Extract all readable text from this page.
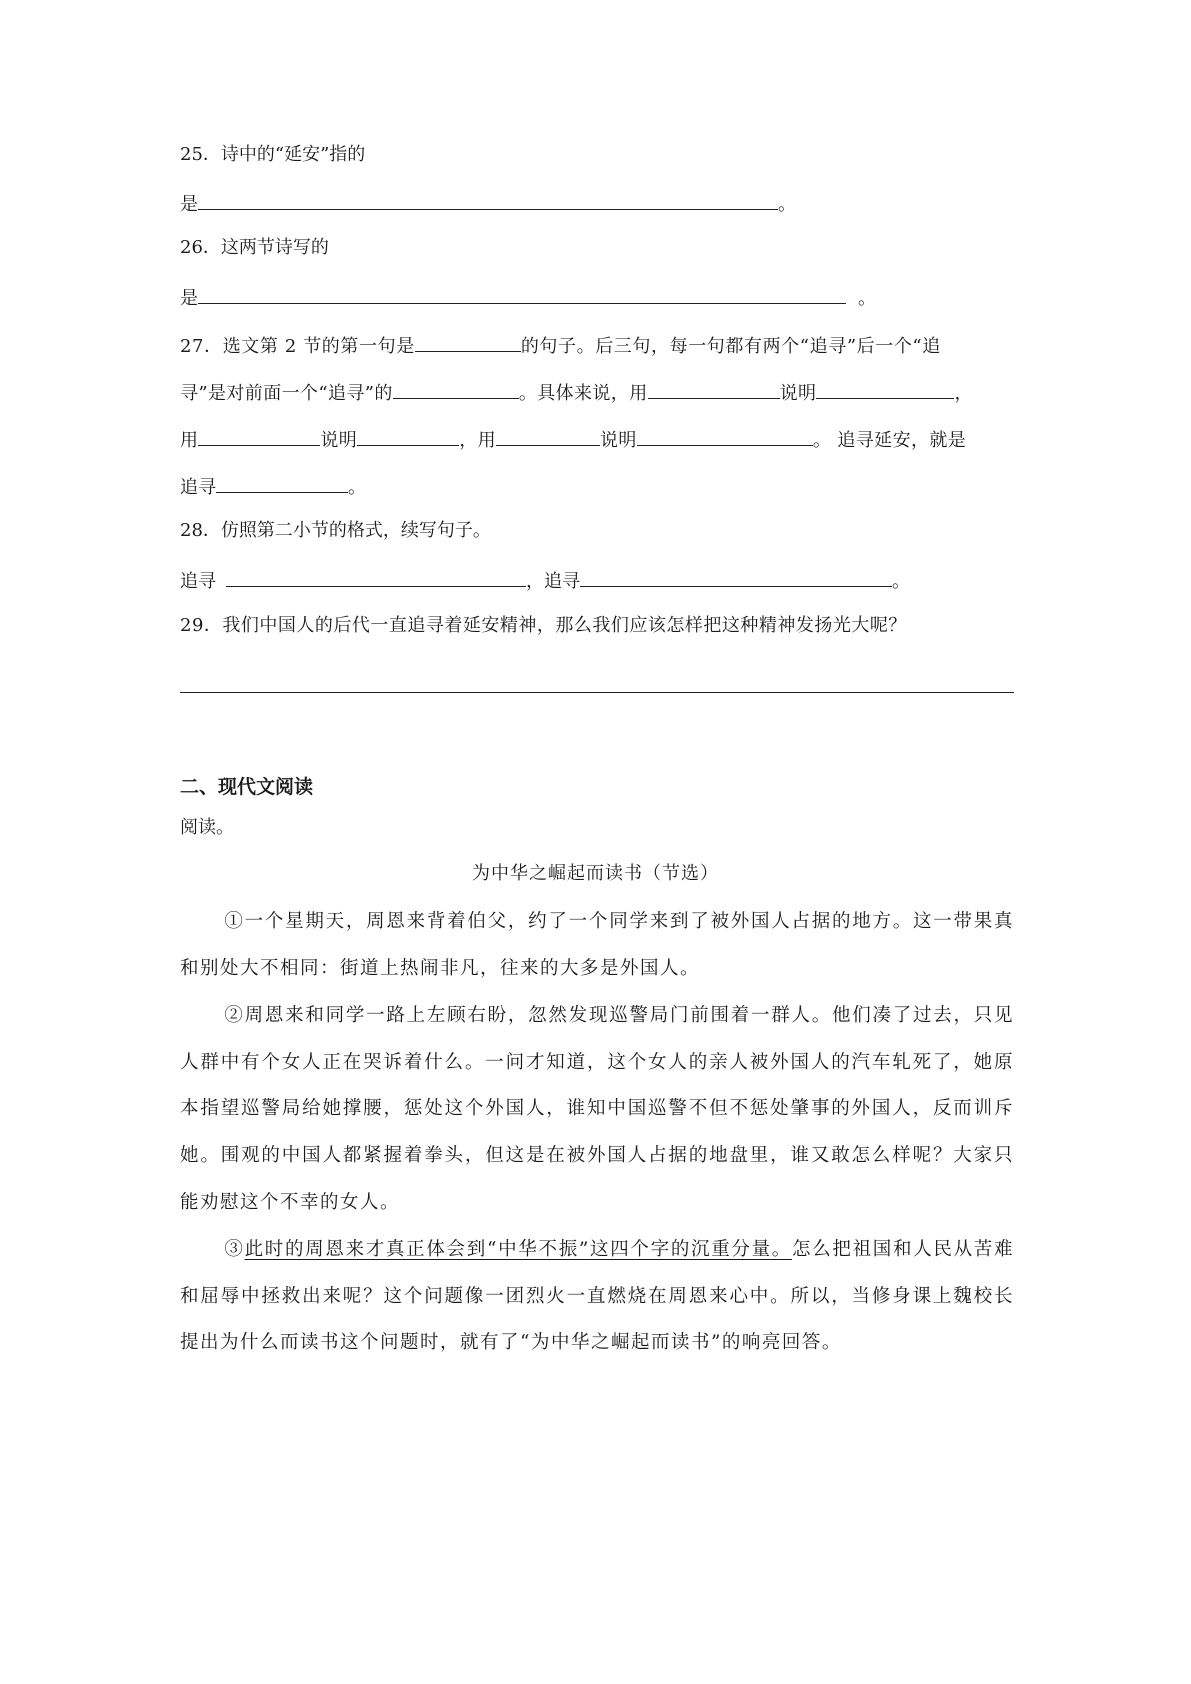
25．诗中的“延安”指的
是	。
26．这两节诗写的
是	。
27．选文第 2 节的第一句是	的句子。后三句，每一句都有两个“追寻”后一个“追
寻”是对前面一个“追寻”的	。具体来说，用	说明	，
用	说明	，用	说明	。 追寻延安，就是
追寻	。
28．仿照第二小节的格式，续写句子。
追寻	，追寻	。
29．我们中国人的后代一直追寻着延安精神，那么我们应该怎样把这种精神发扬光大呢？
二、现代文阅读
阅读。
为中华之崛起而读书（节选）
①一个星期天，周恩来背着伯父，约了一个同学来到了被外国人占据的地方。这一带果真和别处大不相同：街道上热闹非凡，往来的大多是外国人。
②周恩来和同学一路上左顾右盼，忽然发现巡警局门前围着一群人。他们凑了过去，只见人群中有个女人正在哭诉着什么。一问才知道，这个女人的亲人被外国人的汽车轧死了，她原本指望巡警局给她撑腰，惩处这个外国人，谁知中国巡警不但不惩处肇事的外国人，反而训斥她。围观的中国人都紧握着拳头，但这是在被外国人占据的地盘里，谁又敢怎么样呢？大家只能劝慰这个不幸的女人。
③此时的周恩来才真正体会到“中华不振”这四个字的沉重分量。怎么把祖国和人民从苦难和屈辱中拯救出来呢？这个问题像一团烈火一直燃烧在周恩来心中。所以，当修身课上魏校长提出为什么而读书这个问题时，就有了“为中华之崛起而读书”的响亮回答。
